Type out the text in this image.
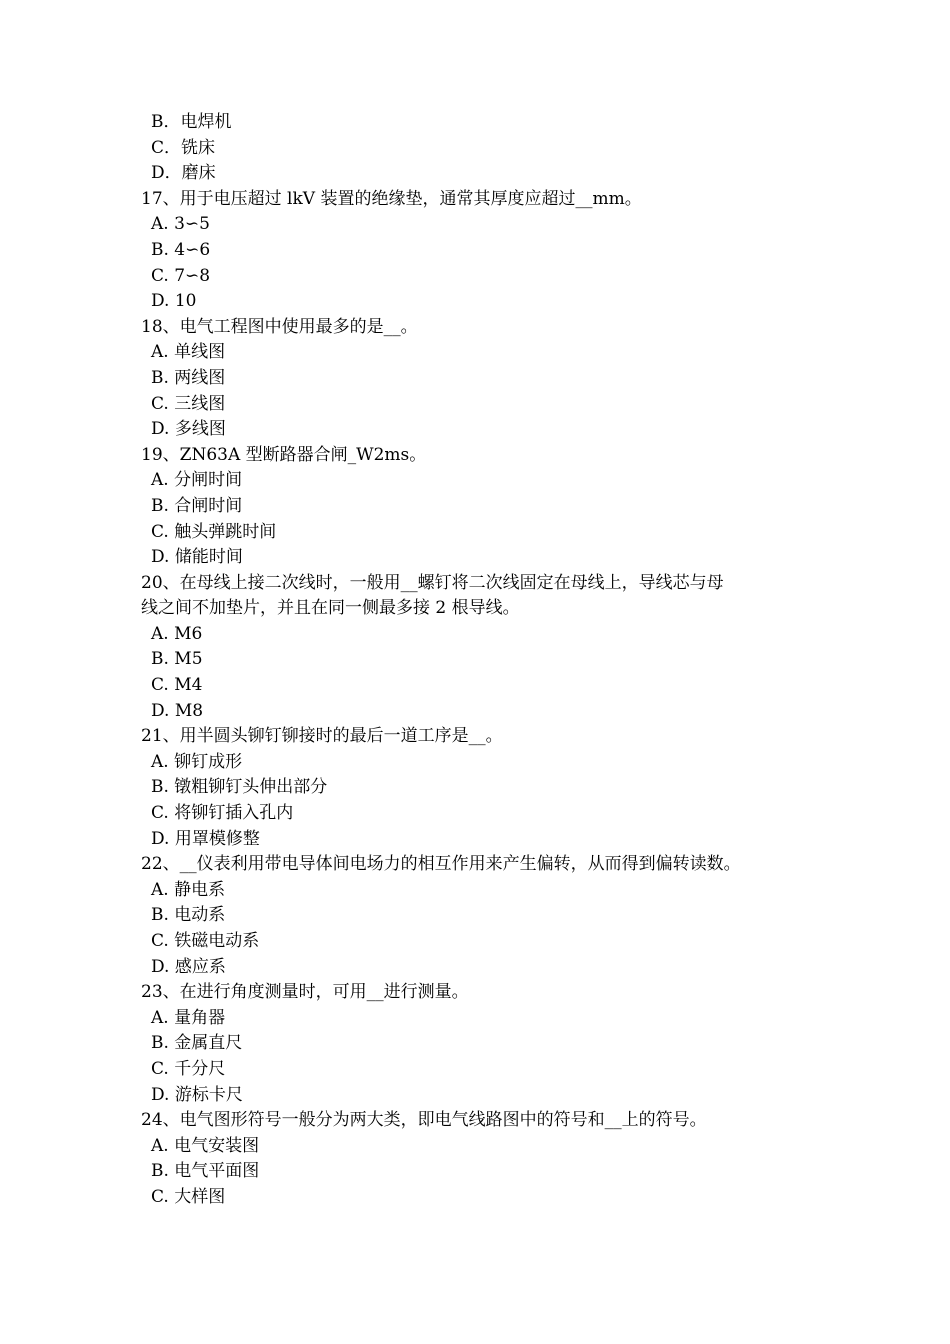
B．电焊机
C．铣床
D．磨床
17、用于电压超过 lkV 装置的绝缘垫，通常其厚度应超过__mm。
A. 3∽5
B. 4∽6
C. 7∽8
D. 10
18、电气工程图中使用最多的是__。
A. 单线图
B. 两线图
C. 三线图
D. 多线图
19、ZN63A 型断路器合闸_W2ms。
A. 分闸时间
B. 合闸时间
C. 触头弹跳时间
D. 储能时间
20、在母线上接二次线时，一般用__螺钉将二次线固定在母线上，导线芯与母
线之间不加垫片，并且在同一侧最多接 2 根导线。
A. M6
B. M5
C. M4
D. M8
21、用半圆头铆钉铆接时的最后一道工序是__。
A. 铆钉成形
B. 镦粗铆钉头伸出部分
C. 将铆钉插入孔内
D. 用罩模修整
22、__仪表利用带电导体间电场力的相互作用来产生偏转，从而得到偏转读数。
A. 静电系
B. 电动系
C. 铁磁电动系
D. 感应系
23、在进行角度测量时，可用__进行测量。
A. 量角器
B. 金属直尺
C. 千分尺
D. 游标卡尺
24、电气图形符号一般分为两大类，即电气线路图中的符号和__上的符号。
A. 电气安装图
B. 电气平面图
C. 大样图
